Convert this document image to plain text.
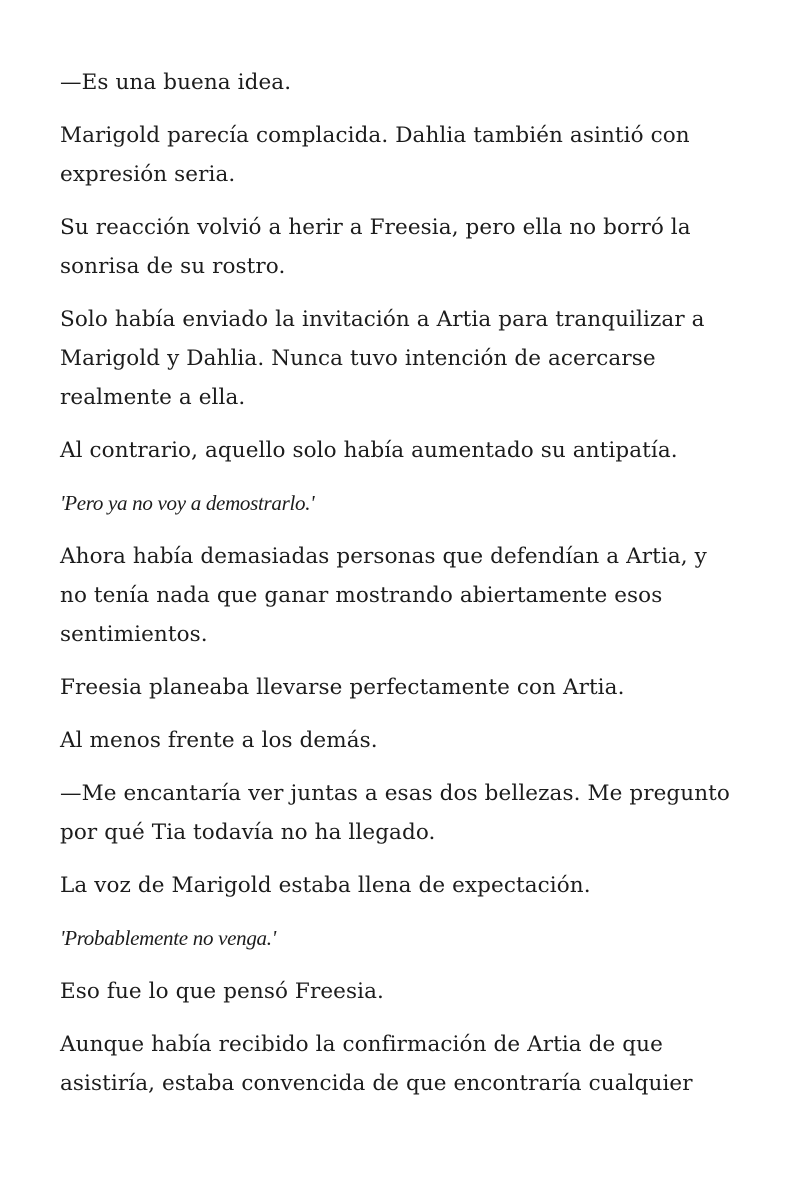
—Es una buena idea.

Marigold parecía complacida. Dahlia también asintió con
expresión seria.

Su reacción volvió a herir a Freesia, pero ella no borró la
sonrisa de su rostro.

Solo había enviado la invitación a Artia para tranquilizar a
Marigold y Dahlia. Nunca tuvo intención de acercarse
realmente a ella.

Al contrario, aquello solo había aumentado su antipatía.

'Pero ya no voy a demostrarlo.'

Ahora había demasiadas personas que defendían a Artia, y
no tenía nada que ganar mostrando abiertamente esos
sentimientos.

Freesia planeaba llevarse perfectamente con Artia.

Al menos frente a los demás.

—Me encantaría ver juntas a esas dos bellezas. Me pregunto
por qué Tia todavía no ha llegado.

La voz de Marigold estaba llena de expectación.

'Probablemente no venga.'

Eso fue lo que pensó Freesia.

Aunque había recibido la confirmación de Artia de que
asistiría, estaba convencida de que encontraría cualquier
